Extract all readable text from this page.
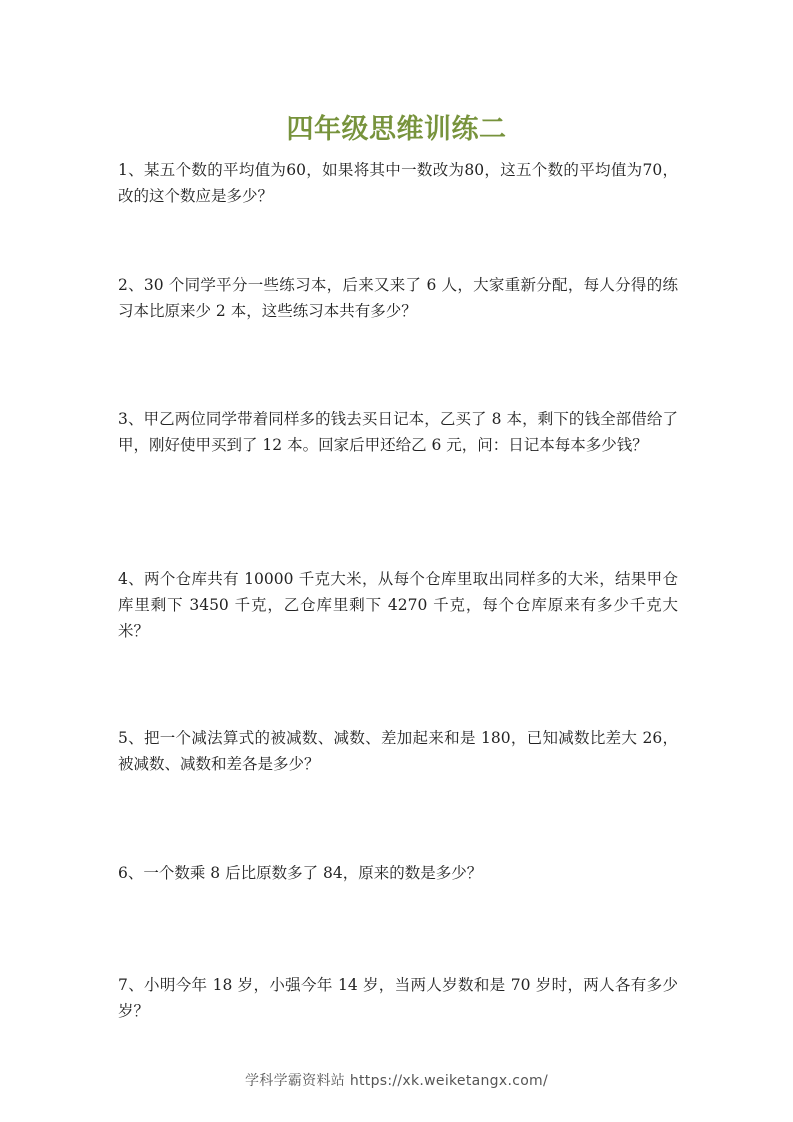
四年级思维训练二
1、某五个数的平均值为60，如果将其中一数改为80，这五个数的平均值为70，改的这个数应是多少？
2、30 个同学平分一些练习本，后来又来了 6 人，大家重新分配，每人分得的练习本比原来少 2 本，这些练习本共有多少？
3、甲乙两位同学带着同样多的钱去买日记本，乙买了 8 本，剩下的钱全部借给了甲，刚好使甲买到了 12 本。回家后甲还给乙 6 元，问：日记本每本多少钱？
4、两个仓库共有 10000 千克大米，从每个仓库里取出同样多的大米，结果甲仓库里剩下 3450 千克，乙仓库里剩下 4270 千克，每个仓库原来有多少千克大米？
5、把一个减法算式的被减数、减数、差加起来和是 180，已知减数比差大 26，被减数、减数和差各是多少？
6、一个数乘 8 后比原数多了 84，原来的数是多少？
7、小明今年 18 岁，小强今年 14 岁，当两人岁数和是 70 岁时，两人各有多少岁？
学科学霸资料站 https://xk.weiketangx.com/
